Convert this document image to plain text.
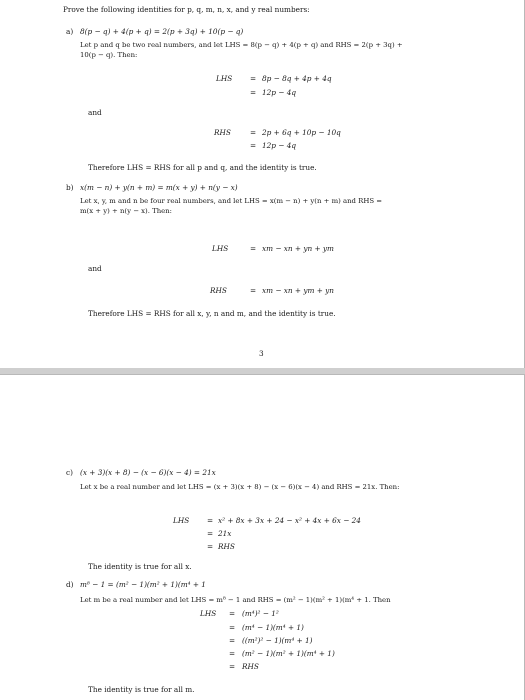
Prove the following identities for p, q, m, n, x, and y real numbers:
a) 8(p − q) + 4(p + q) = 2(p + 3q) + 10(p − q)
Let p and q be two real numbers, and let LHS = 8(p − q) + 4(p + q) and RHS = 2(p + 3q) +
10(p − q). Then:
LHS = 8p − 8q + 4p + 4q
= 12p − 4q
and
RHS	= 2p + 6q + 10p − 10q
= 12p − 4q
Therefore LHS = RHS for all p and q, and the identity is true.
b) x(m − n) + y(n + m) = m(x + y) + n(y − x)
Let x, y, m and n be four real numbers, and let LHS = x(m − n) + y(n + m) and RHS =
m(x + y) + n(y − x). Then:
LHS	= xm − xn + yn + ym
and
RHS	= xm − xn + ym + yn
Therefore LHS = RHS for all x, y, n and m, and the identity is true.
3
c) (x + 3)(x + 8) − (x − 6)(x − 4) = 21x
Let x be a real number and let LHS = (x + 3)(x + 8) − (x − 6)(x − 4) and RHS = 21x. Then:
LHS = x² + 8x + 3x + 24 − x² + 4x + 6x − 24
= 21x
= RHS
The identity is true for all x.
d) m⁸ − 1 = (m² − 1)(m² + 1)(m⁴ + 1
Let m be a real number and let LHS = m⁸ − 1 and RHS = (m² − 1)(m² + 1)(m⁴ + 1. Then
LHS = (m⁴)² − 1²
= (m⁴ − 1)(m⁴ + 1)
= ((m²)² − 1)(m⁴ + 1)
= (m² − 1)(m² + 1)(m⁴ + 1)
= RHS
The identity is true for all m.
